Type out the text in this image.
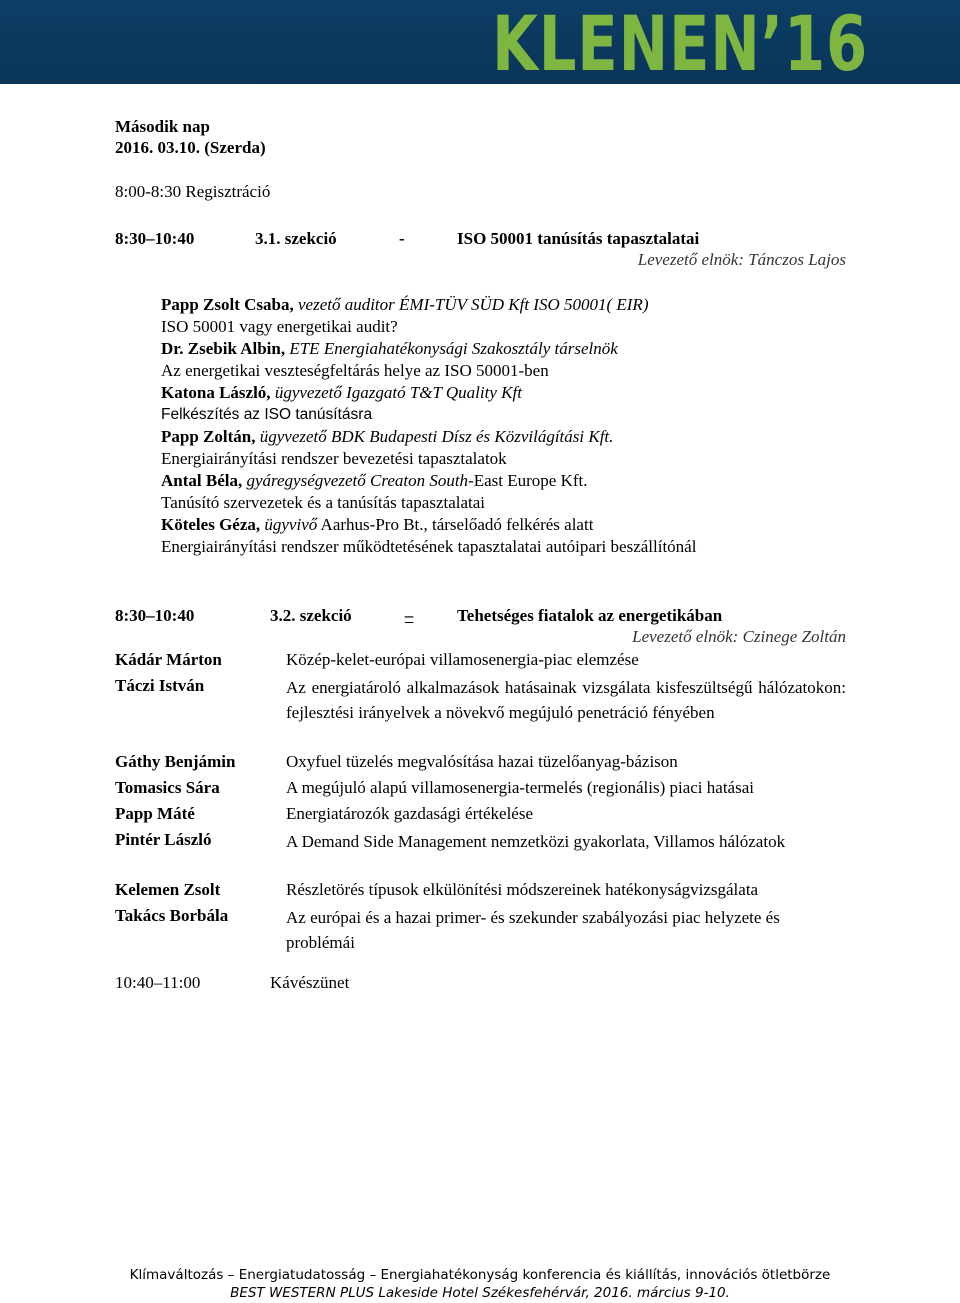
KLENEN’16
Második nap
2016. 03.10. (Szerda)
8:00-8:30 Regisztráció
8:30–10:40	3.1. szekció	-	ISO 50001 tanúsítás tapasztalatai
Levezető elnök: Tánczos Lajos
Papp Zsolt Csaba, vezető auditor ÉMI-TÜV SÜD Kft ISO 50001( EIR)
ISO 50001 vagy energetikai audit?
Dr. Zsebik Albin, ETE Energiahatékonysági Szakosztály társelnök
Az energetikai veszteségfeltárás helye az ISO 50001-ben
Katona László, ügyvezető Igazgató T&T Quality Kft
Felkészítés az ISO tanúsításra
Papp Zoltán, ügyvezető BDK Budapesti Dísz és Közvilágítási Kft.
Energiairányítási rendszer bevezetési tapasztalatok
Antal Béla, gyáregységvezető Creaton South-East Europe Kft.
Tanúsító szervezetek és a tanúsítás tapasztalatai
Köteles Géza, ügyvivő Aarhus-Pro Bt., társelőadó felkérés alatt
Energiairányítási rendszer működtetésének tapasztalatai autóipari beszállítónál
8:30–10:40	3.2. szekció	–	Tehetséges fiatalok az energetikában
Levezető elnök: Czinege Zoltán
Kádár Márton	Közép-kelet-európai villamosenergia-piac elemzése
Táczi István	Az energiatároló alkalmazások hatásainak vizsgálata kisfeszültségű hálózatokon: fejlesztési irányelvek a növekvő megújuló penetráció fényében
Gáthy Benjámin	Oxyfuel tüzelés megvalósítása hazai tüzelőanyag-bázison
Tomasics Sára	A megújuló alapú villamosenergia-termelés (regionális) piaci hatásai
Papp Máté	Energiatározók gazdasági értékelése
Pintér László	A Demand Side Management nemzetközi gyakorlata, Villamos hálózatok
Kelemen Zsolt	Részletörés típusok elkülönítési módszereinek hatékonyságvizsgálata
Takács Borbála	Az európai és a hazai primer- és szekunder szabályozási piac helyzete és problémái
10:40–11:00	Kávészünet
Klímaváltozás – Energiatudatosság – Energiahatékonyság konferencia és kiállítás, innovációs ötletbörze
BEST WESTERN PLUS Lakeside Hotel Székesfehérvár, 2016. március 9-10.
